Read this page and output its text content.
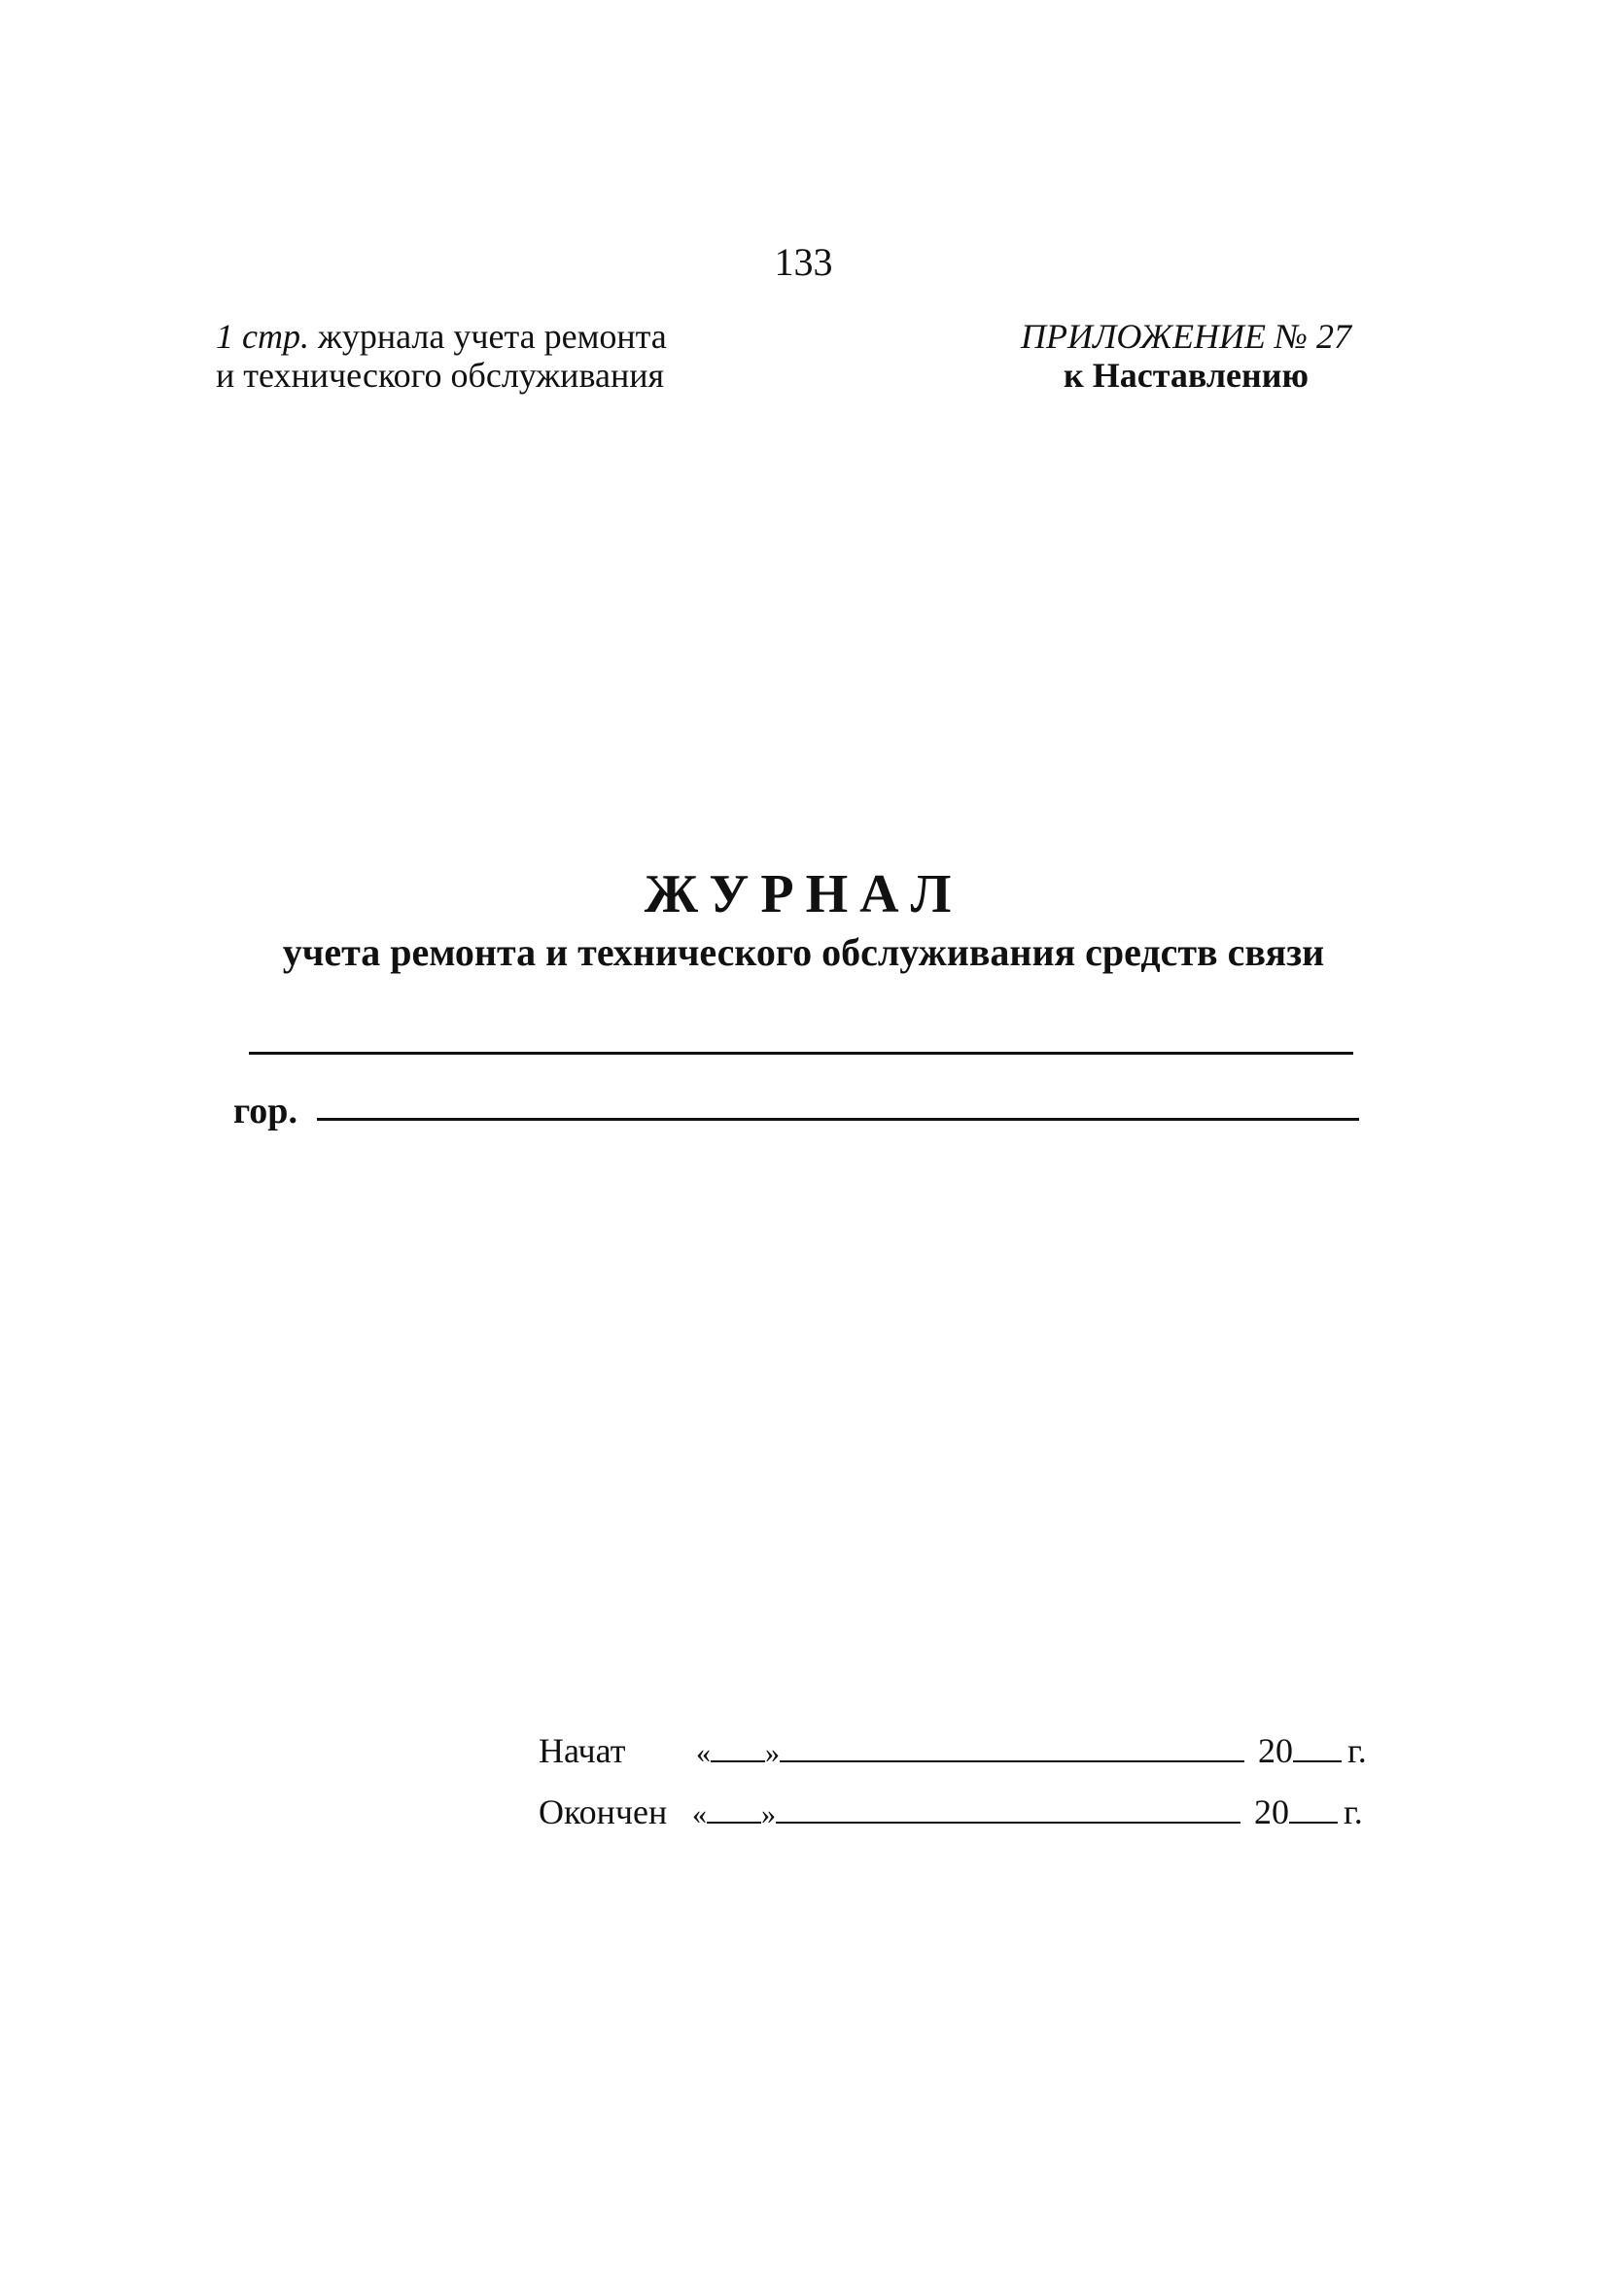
133
1 стр. журнала учета ремонта
и технического обслуживания
ПРИЛОЖЕНИЕ № 27
к Наставлению
ЖУРНАЛ
учета ремонта и технического обслуживания средств связи
гор.
Начат « »	20 г.
Окончен « »	20 г.
